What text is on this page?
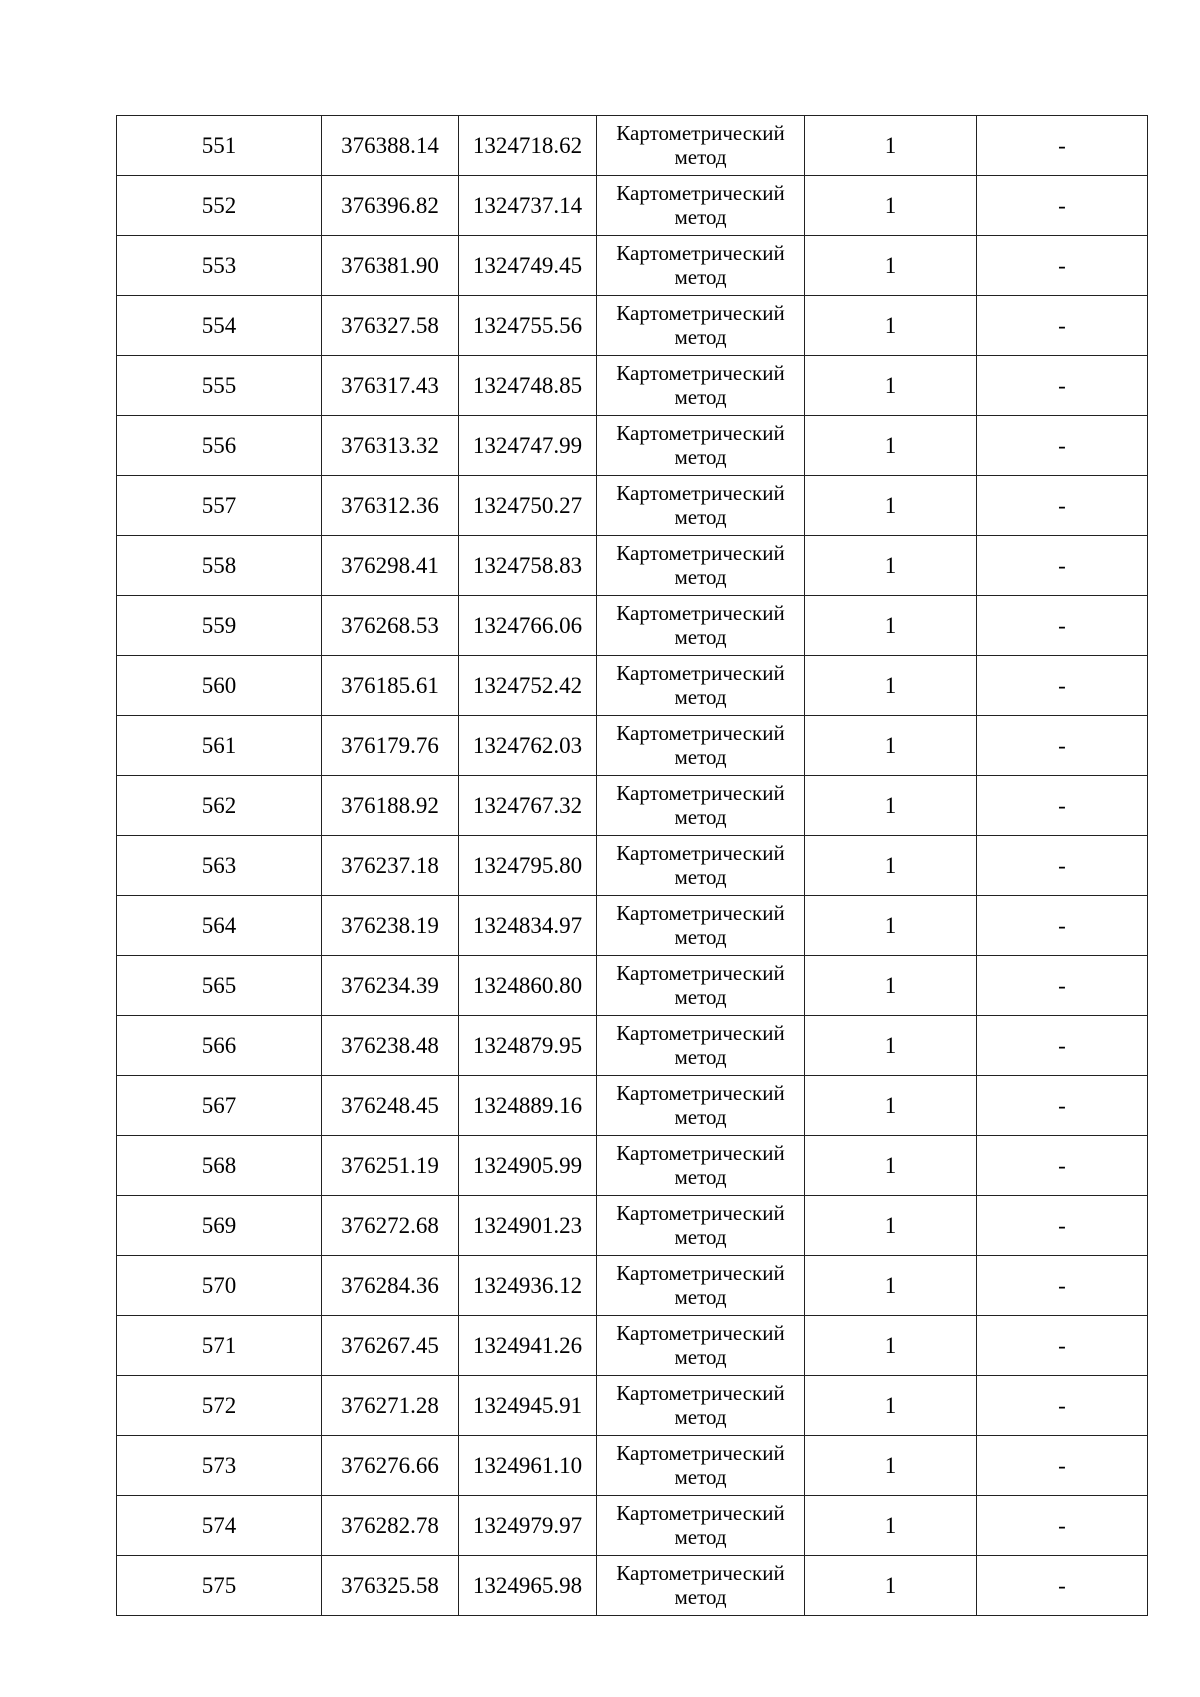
551	376388.14	1324718.62	Картометрический метод	1	-
552	376396.82	1324737.14	Картометрический метод	1	-
553	376381.90	1324749.45	Картометрический метод	1	-
554	376327.58	1324755.56	Картометрический метод	1	-
555	376317.43	1324748.85	Картометрический метод	1	-
556	376313.32	1324747.99	Картометрический метод	1	-
557	376312.36	1324750.27	Картометрический метод	1	-
558	376298.41	1324758.83	Картометрический метод	1	-
559	376268.53	1324766.06	Картометрический метод	1	-
560	376185.61	1324752.42	Картометрический метод	1	-
561	376179.76	1324762.03	Картометрический метод	1	-
562	376188.92	1324767.32	Картометрический метод	1	-
563	376237.18	1324795.80	Картометрический метод	1	-
564	376238.19	1324834.97	Картометрический метод	1	-
565	376234.39	1324860.80	Картометрический метод	1	-
566	376238.48	1324879.95	Картометрический метод	1	-
567	376248.45	1324889.16	Картометрический метод	1	-
568	376251.19	1324905.99	Картометрический метод	1	-
569	376272.68	1324901.23	Картометрический метод	1	-
570	376284.36	1324936.12	Картометрический метод	1	-
571	376267.45	1324941.26	Картометрический метод	1	-
572	376271.28	1324945.91	Картометрический метод	1	-
573	376276.66	1324961.10	Картометрический метод	1	-
574	376282.78	1324979.97	Картометрический метод	1	-
575	376325.58	1324965.98	Картометрический метод	1	-
